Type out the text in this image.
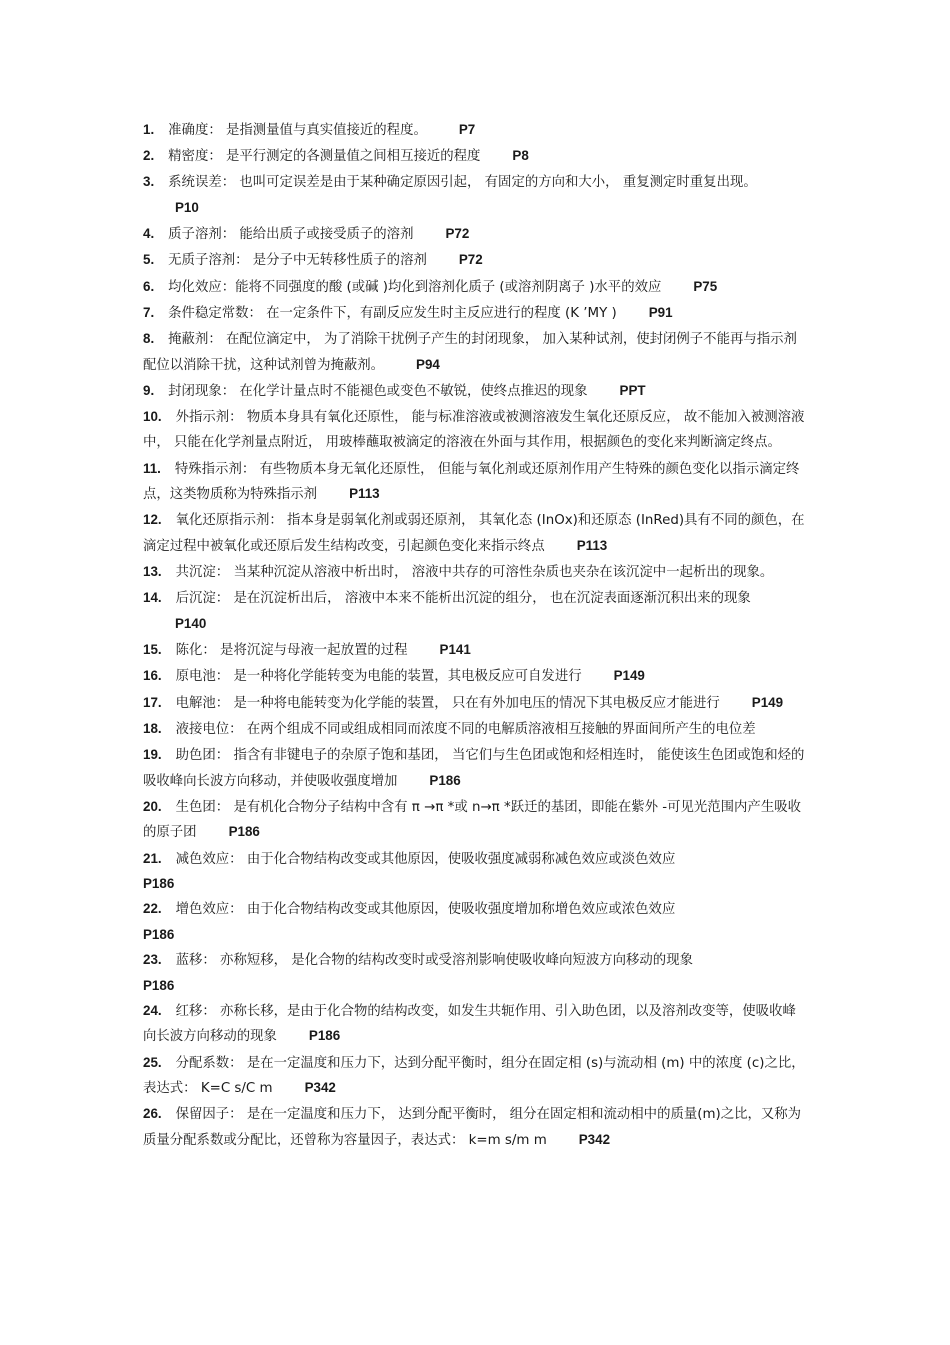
1. 准确度： 是指测量值与真实值接近的程度。 P7
2. 精密度： 是平行测定的各测量值之间相互接近的程度 P8
3. 系统误差： 也叫可定误差是由于某种确定原因引起， 有固定的方向和大小， 重复测定时重复出现。P10
4. 质子溶剂： 能给出质子或接受质子的溶剂 P72
5. 无质子溶剂： 是分子中无转移性质子的溶剂 P72
6. 均化效应：能将不同强度的酸 (或碱 )均化到溶剂化质子 (或溶剂阴离子 )水平的效应 P75
7. 条件稳定常数： 在一定条件下，有副反应发生时主反应进行的程度 (K ’MY ) P91
8. 掩蔽剂： 在配位滴定中， 为了消除干扰例子产生的封闭现象， 加入某种试剂，使封闭例子不能再与指示剂配位以消除干扰，这种试剂曾为掩蔽剂。 P94
9. 封闭现象： 在化学计量点时不能褪色或变色不敏锐，使终点推迟的现象 PPT
10. 外指示剂： 物质本身具有氧化还原性， 能与标准溶液或被测溶液发生氧化还原反应， 故不能加入被测溶液中， 只能在化学剂量点附近， 用玻棒蘸取被滴定的溶液在外面与其作用，根据颜色的变化来判断滴定终点。
11. 特殊指示剂： 有些物质本身无氧化还原性， 但能与氧化剂或还原剂作用产生特殊的颜色变化以指示滴定终点，这类物质称为特殊指示剂 P113
12. 氧化还原指示剂： 指本身是弱氧化剂或弱还原剂， 其氧化态 (InOx)和还原态 (InRed)具有不同的颜色，在滴定过程中被氧化或还原后发生结构改变，引起颜色变化来指示终点 P113
13. 共沉淀： 当某种沉淀从溶液中析出时， 溶液中共存的可溶性杂质也夹杂在该沉淀中一起析出的现象。
14. 后沉淀： 是在沉淀析出后， 溶液中本来不能析出沉淀的组分， 也在沉淀表面逐渐沉积出来的现象P140
15. 陈化： 是将沉淀与母液一起放置的过程 P141
16. 原电池： 是一种将化学能转变为电能的装置，其电极反应可自发进行 P149
17. 电解池： 是一种将电能转变为化学能的装置， 只在有外加电压的情况下其电极反应才能进行 P149
18. 液接电位： 在两个组成不同或组成相同而浓度不同的电解质溶液相互接触的界面间所产生的电位差
19. 助色团： 指含有非键电子的杂原子饱和基团， 当它们与生色团或饱和烃相连时， 能使该生色团或饱和烃的吸收峰向长波方向移动，并使吸收强度增加 P186
20. 生色团： 是有机化合物分子结构中含有 π →π *或 n→π *跃迁的基团，即能在紫外 -可见光范围内产生吸收的原子团 P186
21. 减色效应： 由于化合物结构改变或其他原因，使吸收强度减弱称减色效应或淡色效应
P186
22. 增色效应： 由于化合物结构改变或其他原因，使吸收强度增加称增色效应或浓色效应
P186
23. 蓝移： 亦称短移， 是化合物的结构改变时或受溶剂影响使吸收峰向短波方向移动的现象
P186
24. 红移： 亦称长移，是由于化合物的结构改变，如发生共轭作用、引入助色团，以及溶剂改变等，使吸收峰向长波方向移动的现象 P186
25. 分配系数： 是在一定温度和压力下，达到分配平衡时，组分在固定相 (s)与流动相 (m) 中的浓度 (c)之比，表达式： K=C s/C m P342
26. 保留因子： 是在一定温度和压力下， 达到分配平衡时， 组分在固定相和流动相中的质量(m)之比，又称为质量分配系数或分配比，还曾称为容量因子，表达式： k=m s/m m P342
